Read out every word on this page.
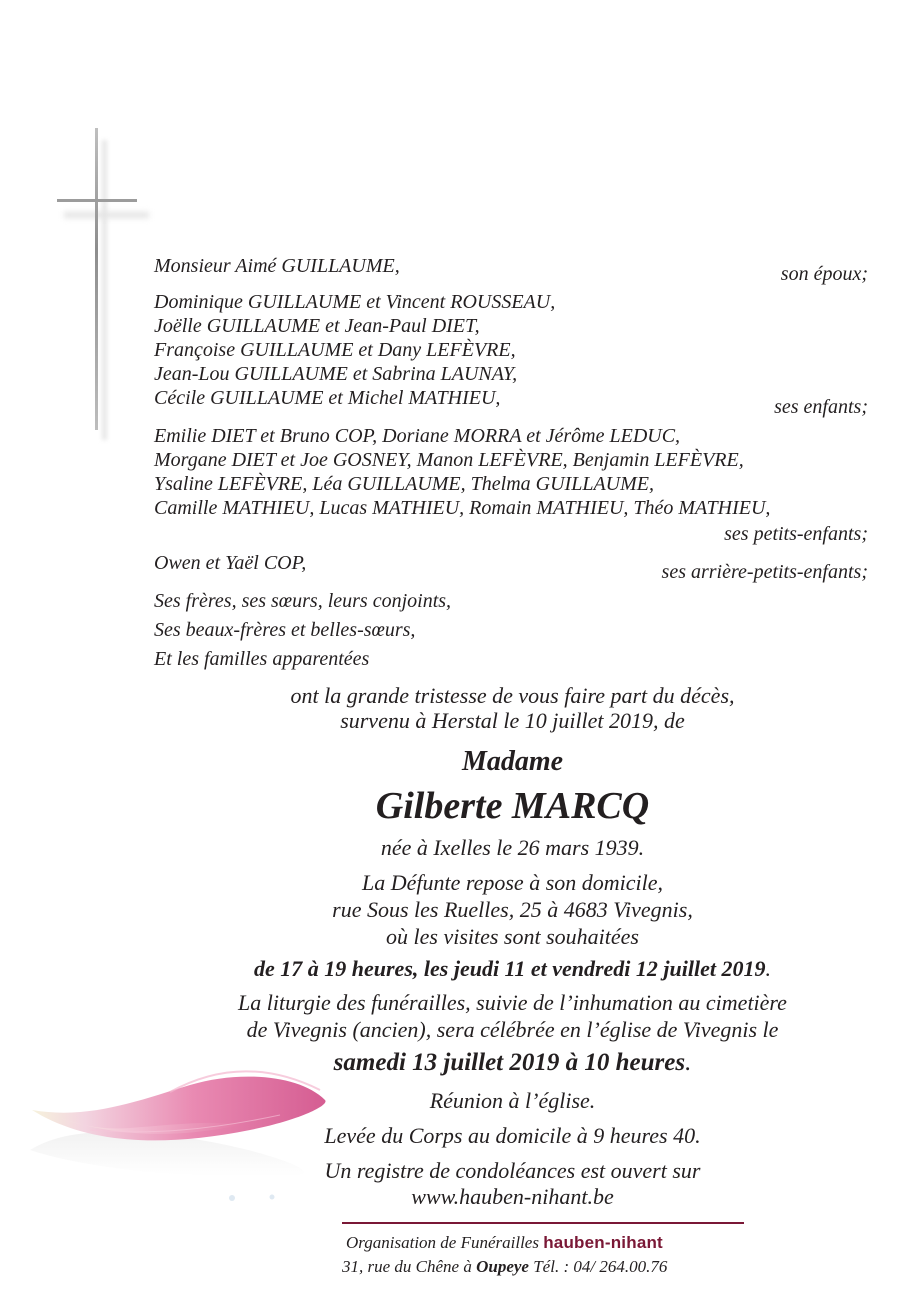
Monsieur Aimé GUILLAUME,	son époux;
Dominique GUILLAUME et Vincent ROUSSEAU,
Joëlle GUILLAUME et Jean-Paul DIET,
Françoise GUILLAUME et Dany LEFÈVRE,
Jean-Lou GUILLAUME et Sabrina LAUNAY,
Cécile GUILLAUME et Michel MATHIEU,	ses enfants;
Emilie DIET et Bruno COP, Doriane MORRA et Jérôme LEDUC,
Morgane DIET et Joe GOSNEY, Manon LEFÈVRE, Benjamin LEFÈVRE,
Ysaline LEFÈVRE, Léa GUILLAUME, Thelma GUILLAUME,
Camille MATHIEU, Lucas MATHIEU, Romain MATHIEU, Théo MATHIEU,
ses petits-enfants;
Owen et Yaël COP,	ses arrière-petits-enfants;
Ses frères, ses sœurs, leurs conjoints,
Ses beaux-frères et belles-sœurs,
Et les familles apparentées
ont la grande tristesse de vous faire part du décès,
survenu à Herstal le 10 juillet 2019, de
Madame
Gilberte MARCQ
née à Ixelles le 26 mars 1939.
La Défunte repose à son domicile,
rue Sous les Ruelles, 25 à 4683 Vivegnis,
où les visites sont souhaitées
de 17 à 19 heures, les jeudi 11 et vendredi 12 juillet 2019.
La liturgie des funérailles, suivie de l’inhumation au cimetière
de Vivegnis (ancien), sera célébrée en l’église de Vivegnis le
samedi 13 juillet 2019 à 10 heures.
Réunion à l’église.
Levée du Corps au domicile à 9 heures 40.
Un registre de condoléances est ouvert sur
www.hauben-nihant.be
Organisation de Funérailles hauben-nihant
31, rue du Chêne à Oupeye Tél. : 04/ 264.00.76
